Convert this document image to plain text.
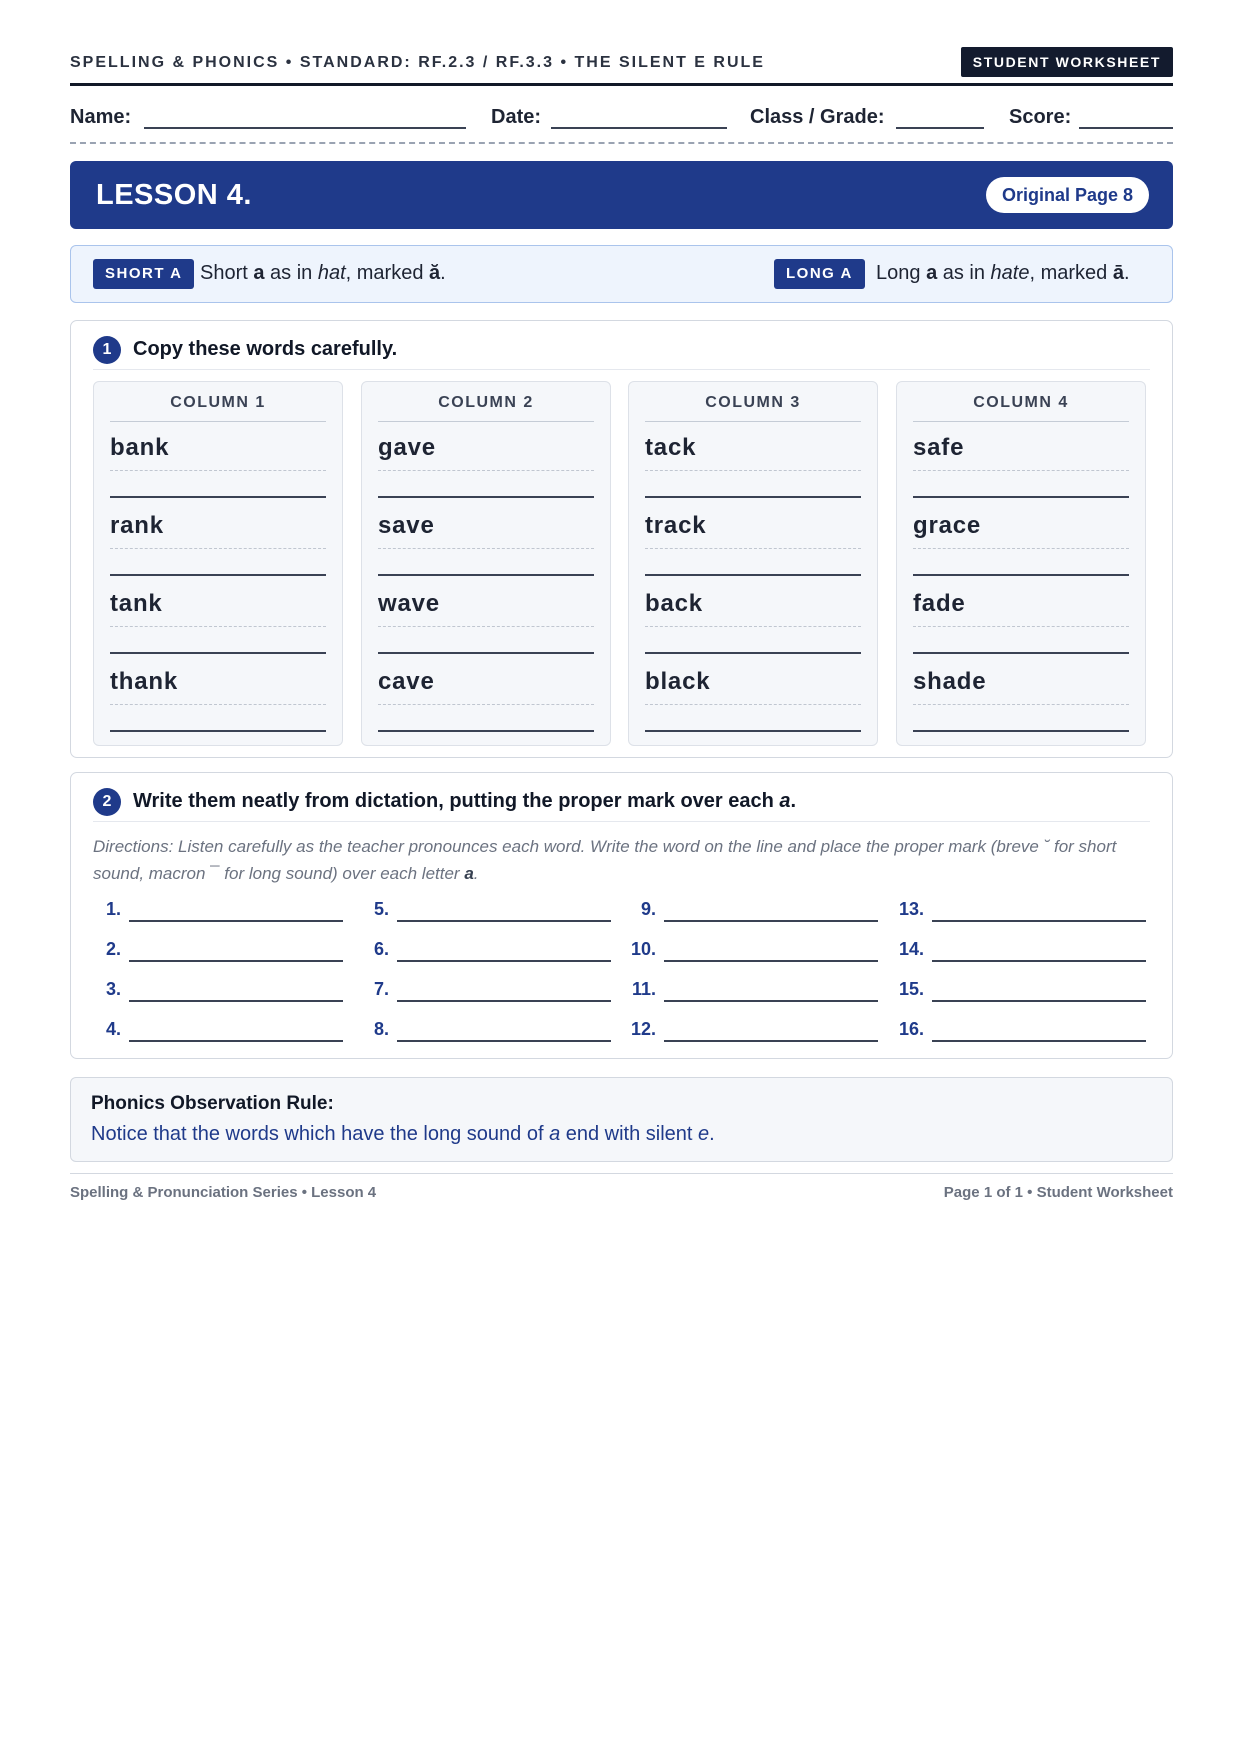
SPELLING & PHONICS • STANDARD: RF.2.3 / RF.3.3 • THE SILENT E RULE	STUDENT WORKSHEET
Name:	Date:	Class / Grade:	Score:
LESSON 4.	Original Page 8
SHORT A Short a as in hat, marked ă.	LONG A	Long a as in hate, marked ā.
1	Copy these words carefully.
COLUMN 1
bank
rank
tank
thank
COLUMN 2
gave
save
wave
cave
COLUMN 3
tack
track
back
black
COLUMN 4
safe
grace
fade
shade
2	Write them neatly from dictation, putting the proper mark over each a.
Directions: Listen carefully as the teacher pronounces each word. Write the word on the line and place the proper mark (breve ˘ for short sound, macron ¯ for long sound) over each letter a.
1.
2.
3.
4.
5.
6.
7.
8.
9.
10.
11.
12.
13.
14.
15.
16.
Phonics Observation Rule:
Notice that the words which have the long sound of a end with silent e.
Spelling & Pronunciation Series • Lesson 4	Page 1 of 1 • Student Worksheet
